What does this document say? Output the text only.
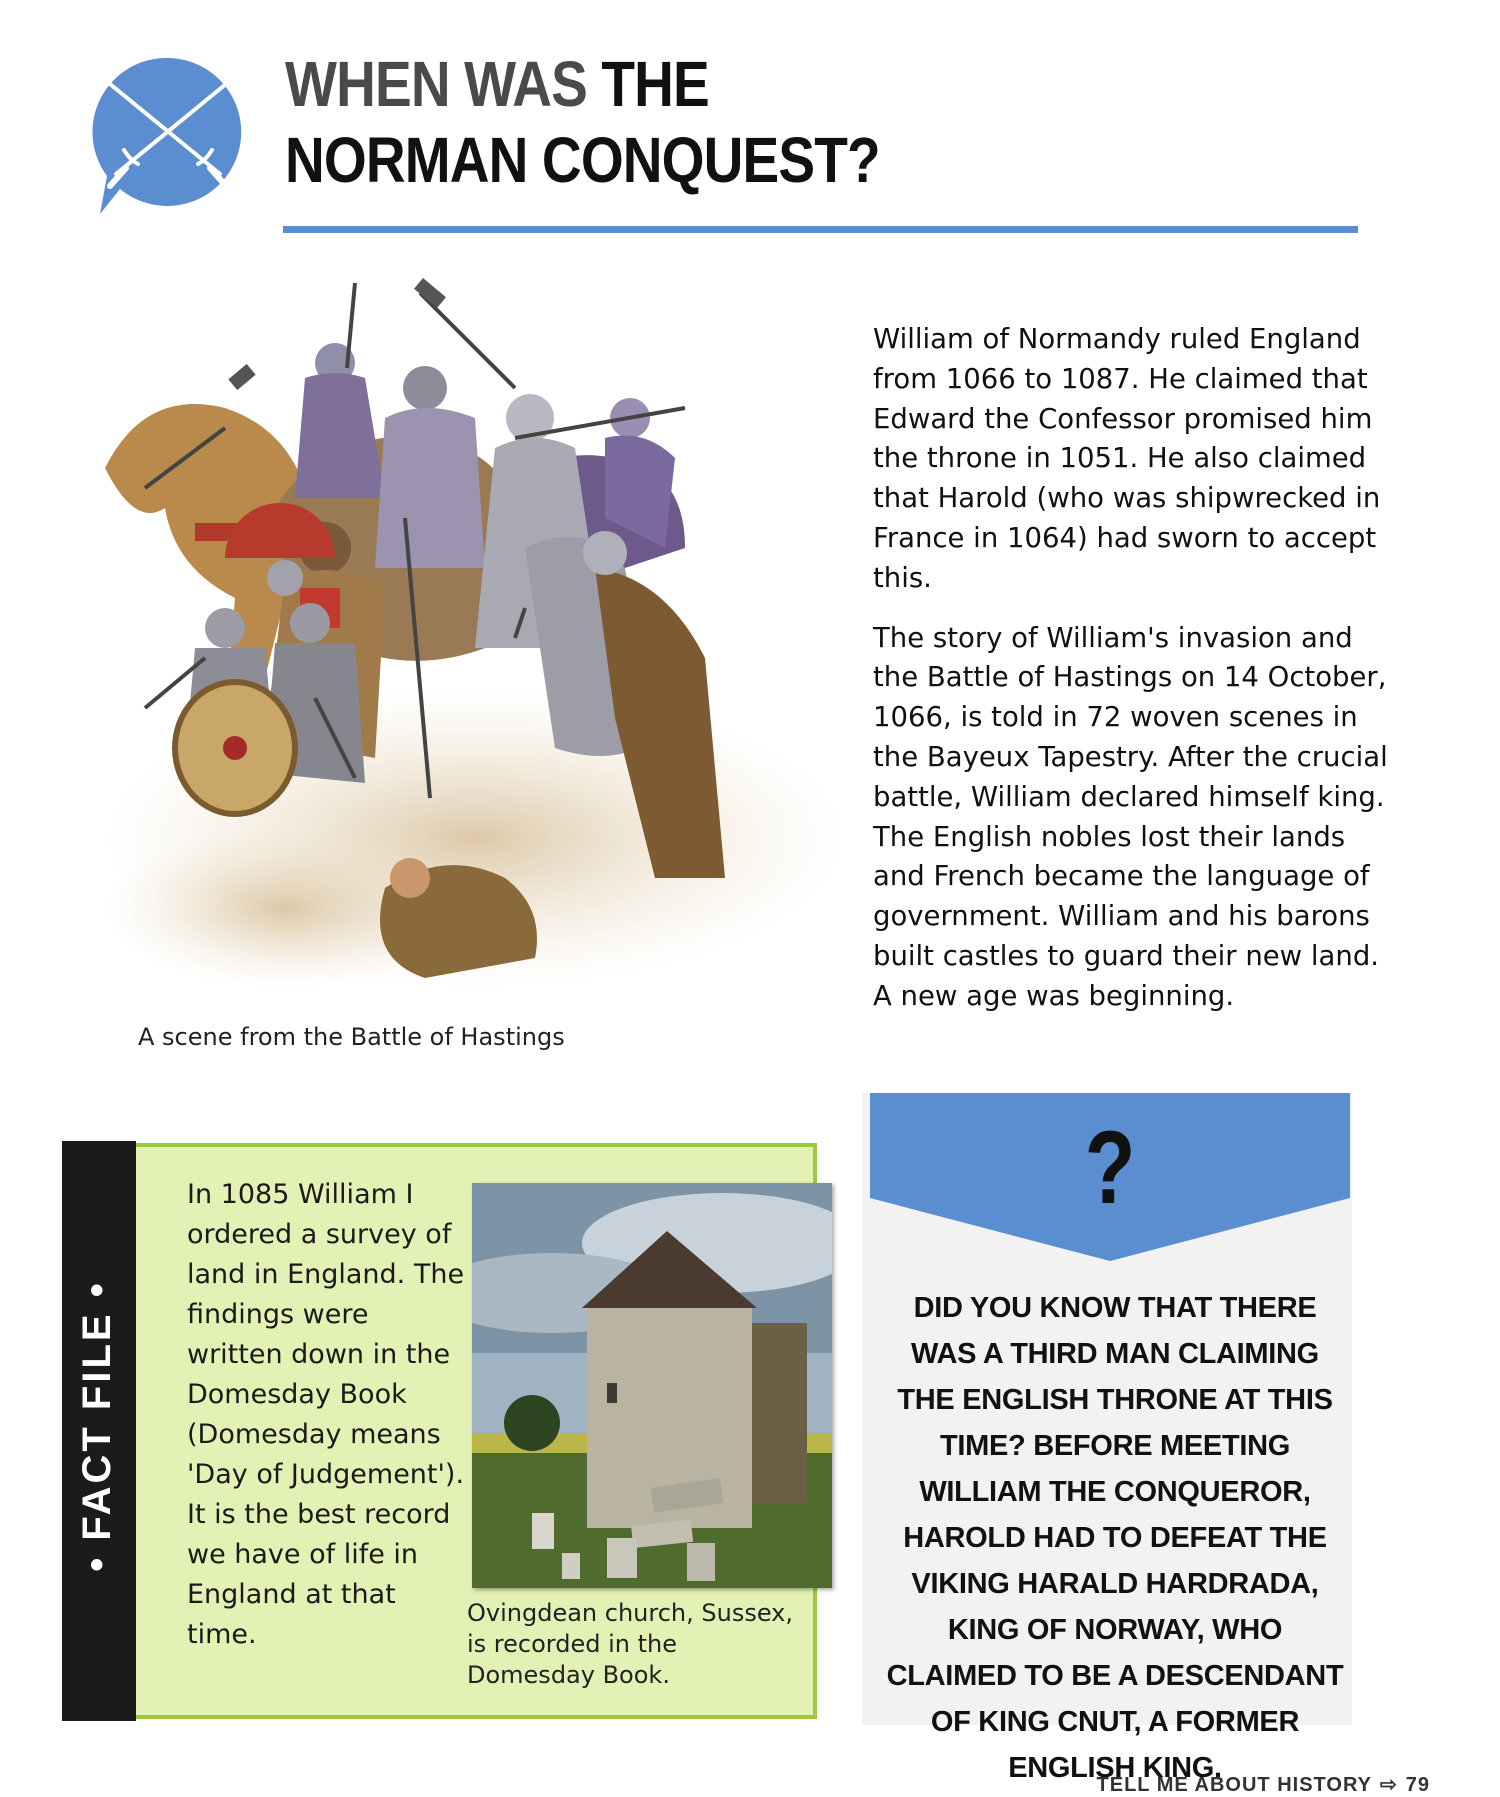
WHEN WAS THE
NORMAN CONQUEST?
A scene from the Battle of Hastings

William of Normandy ruled England from 1066 to 1087. He claimed that Edward the Confessor promised him the throne in 1051. He also claimed that Harold (who was shipwrecked in France in 1064) had sworn to accept this.

The story of William's invasion and the Battle of Hastings on 14 October, 1066, is told in 72 woven scenes in the Bayeux Tapestry. After the crucial battle, William declared himself king. The English nobles lost their lands and French became the language of government. William and his barons built castles to guard their new land. A new age was beginning.

• FACT FILE •
In 1085 William I ordered a survey of land in England. The findings were written down in the Domesday Book (Domesday means 'Day of Judgement'). It is the best record we have of life in England at that time.
Ovingdean church, Sussex, is recorded in the Domesday Book.
?
DID YOU KNOW THAT THERE WAS A THIRD MAN CLAIMING THE ENGLISH THRONE AT THIS TIME? BEFORE MEETING WILLIAM THE CONQUEROR, HAROLD HAD TO DEFEAT THE VIKING HARALD HARDRADA, KING OF NORWAY, WHO CLAIMED TO BE A DESCENDANT OF KING CNUT, A FORMER ENGLISH KING.
TELL ME ABOUT HISTORY ⇨ 79
